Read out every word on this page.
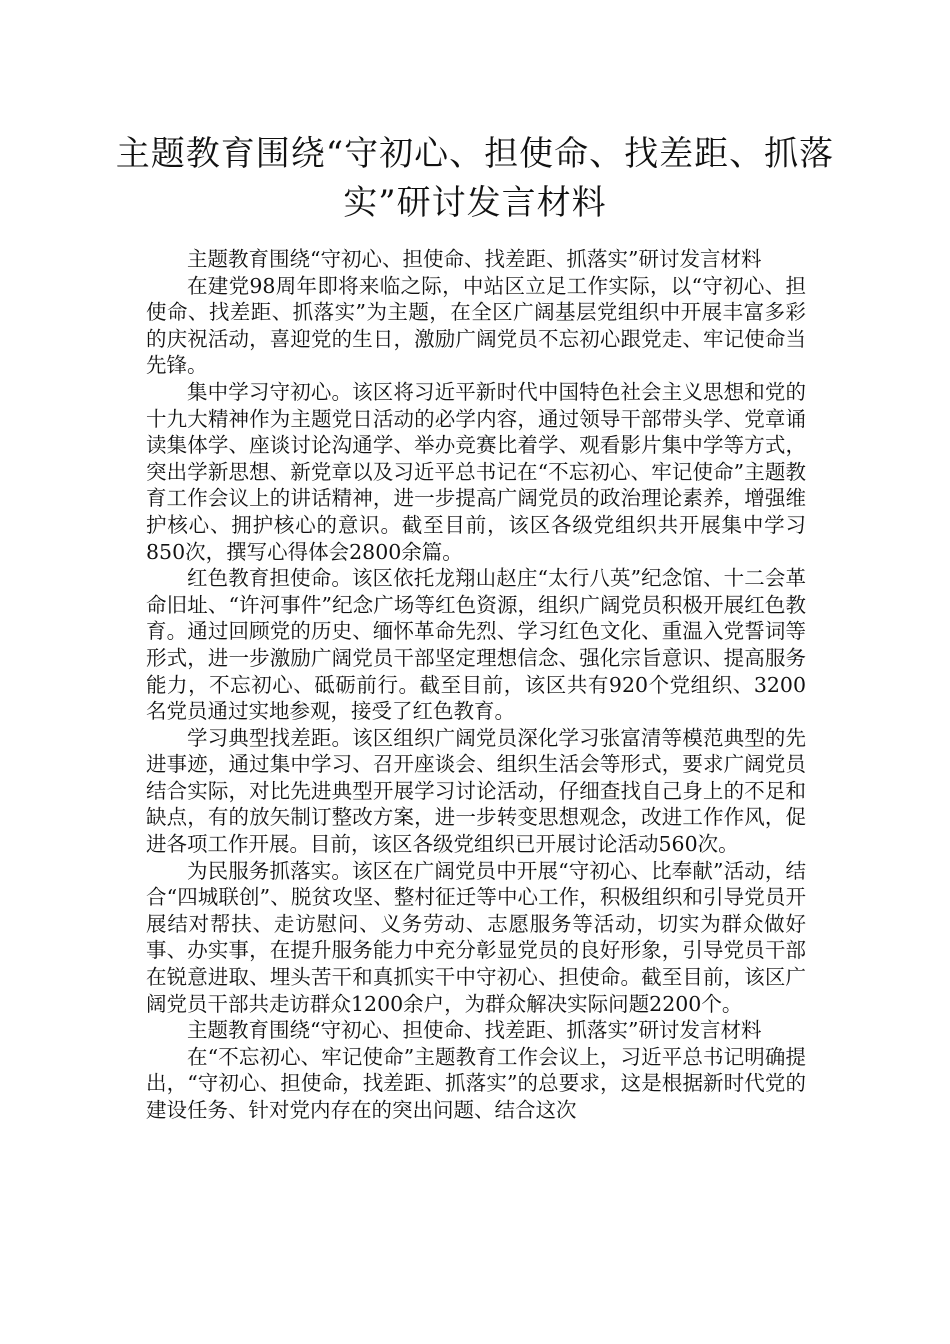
主题教育围绕“守初心、担使命、找差距、抓落实”研讨发言材料

主题教育围绕“守初心、担使命、找差距、抓落实”研讨发言材料

在建党98周年即将来临之际，中站区立足工作实际，以“守初心、担使命、找差距、抓落实”为主题，在全区广阔基层党组织中开展丰富多彩的庆祝活动，喜迎党的生日，激励广阔党员不忘初心跟党走、牢记使命当先锋。

集中学习守初心。该区将习近平新时代中国特色社会主义思想和党的十九大精神作为主题党日活动的必学内容，通过领导干部带头学、党章诵读集体学、座谈讨论沟通学、举办竞赛比着学、观看影片集中学等方式，突出学新思想、新党章以及习近平总书记在“不忘初心、牢记使命”主题教育工作会议上的讲话精神，进一步提高广阔党员的政治理论素养，增强维护核心、拥护核心的意识。截至目前，该区各级党组织共开展集中学习850次，撰写心得体会2800余篇。

红色教育担使命。该区依托龙翔山赵庄“太行八英”纪念馆、十二会革命旧址、“许河事件”纪念广场等红色资源，组织广阔党员积极开展红色教育。通过回顾党的历史、缅怀革命先烈、学习红色文化、重温入党誓词等形式，进一步激励广阔党员干部坚定理想信念、强化宗旨意识、提高服务能力，不忘初心、砥砺前行。截至目前，该区共有920个党组织、3200名党员通过实地参观，接受了红色教育。

学习典型找差距。该区组织广阔党员深化学习张富清等模范典型的先进事迹，通过集中学习、召开座谈会、组织生活会等形式，要求广阔党员结合实际，对比先进典型开展学习讨论活动，仔细查找自己身上的不足和缺点，有的放矢制订整改方案，进一步转变思想观念，改进工作作风，促进各项工作开展。目前，该区各级党组织已开展讨论活动560次。

为民服务抓落实。该区在广阔党员中开展“守初心、比奉献”活动，结合“四城联创”、脱贫攻坚、整村征迁等中心工作，积极组织和引导党员开展结对帮扶、走访慰问、义务劳动、志愿服务等活动，切实为群众做好事、办实事，在提升服务能力中充分彰显党员的良好形象，引导党员干部在锐意进取、埋头苦干和真抓实干中守初心、担使命。截至目前，该区广阔党员干部共走访群众1200余户，为群众解决实际问题2200个。

主题教育围绕“守初心、担使命、找差距、抓落实”研讨发言材料

在“不忘初心、牢记使命”主题教育工作会议上，习近平总书记明确提出，“守初心、担使命，找差距、抓落实”的总要求，这是根据新时代党的建设任务、针对党内存在的突出问题、结合这次
